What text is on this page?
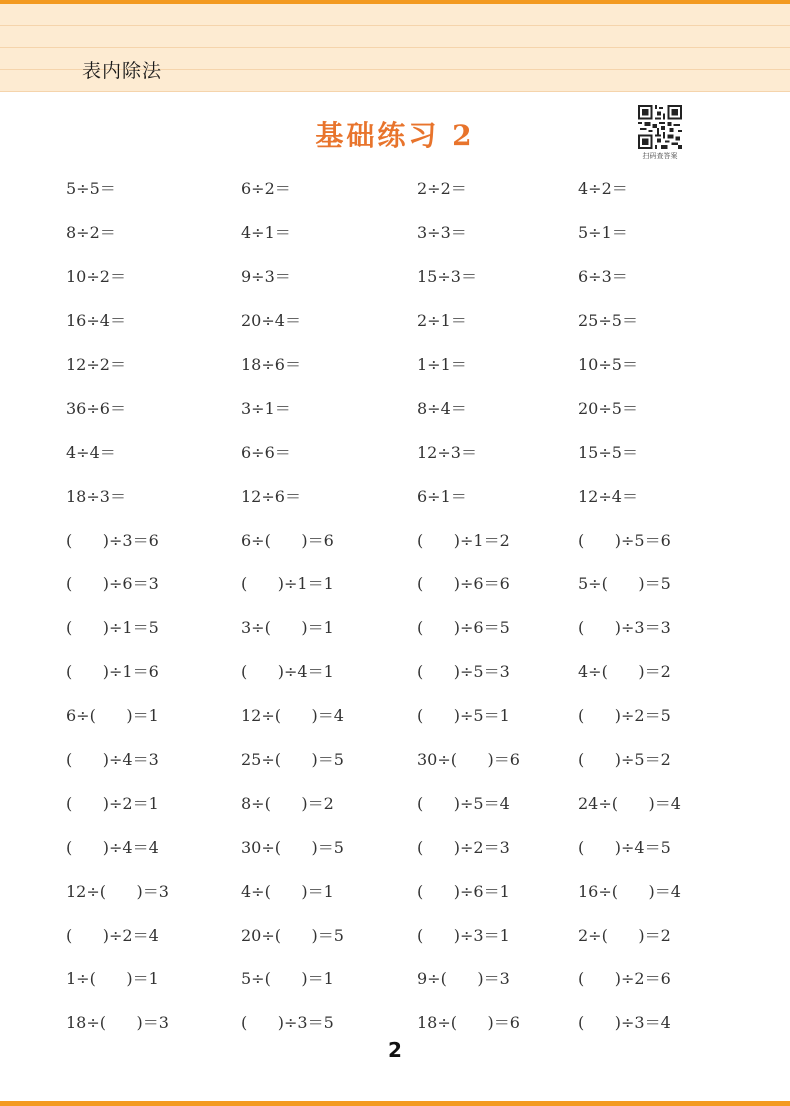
表内除法
基础练习 2
扫码查答案
5÷5＝	6÷2＝	2÷2＝	4÷2＝
8÷2＝	4÷1＝	3÷3＝	5÷1＝
10÷2＝	9÷3＝	15÷3＝	6÷3＝
16÷4＝	20÷4＝	2÷1＝	25÷5＝
12÷2＝	18÷6＝	1÷1＝	10÷5＝
36÷6＝	3÷1＝	8÷4＝	20÷5＝
4÷4＝	6÷6＝	12÷3＝	15÷5＝
18÷3＝	12÷6＝	6÷1＝	12÷4＝
(      )÷3＝6	6÷(      )＝6	(      )÷1＝2	(      )÷5＝6
(      )÷6＝3	(      )÷1＝1	(      )÷6＝6	5÷(      )＝5
(      )÷1＝5	3÷(      )＝1	(      )÷6＝5	(      )÷3＝3
(      )÷1＝6	(      )÷4＝1	(      )÷5＝3	4÷(      )＝2
6÷(      )＝1	12÷(      )＝4	(      )÷5＝1	(      )÷2＝5
(      )÷4＝3	25÷(      )＝5	30÷(      )＝6	(      )÷5＝2
(      )÷2＝1	8÷(      )＝2	(      )÷5＝4	24÷(      )＝4
(      )÷4＝4	30÷(      )＝5	(      )÷2＝3	(      )÷4＝5
12÷(      )＝3	4÷(      )＝1	(      )÷6＝1	16÷(      )＝4
(      )÷2＝4	20÷(      )＝5	(      )÷3＝1	2÷(      )＝2
1÷(      )＝1	5÷(      )＝1	9÷(      )＝3	(      )÷2＝6
18÷(      )＝3	(      )÷3＝5	18÷(      )＝6	(      )÷3＝4
2
